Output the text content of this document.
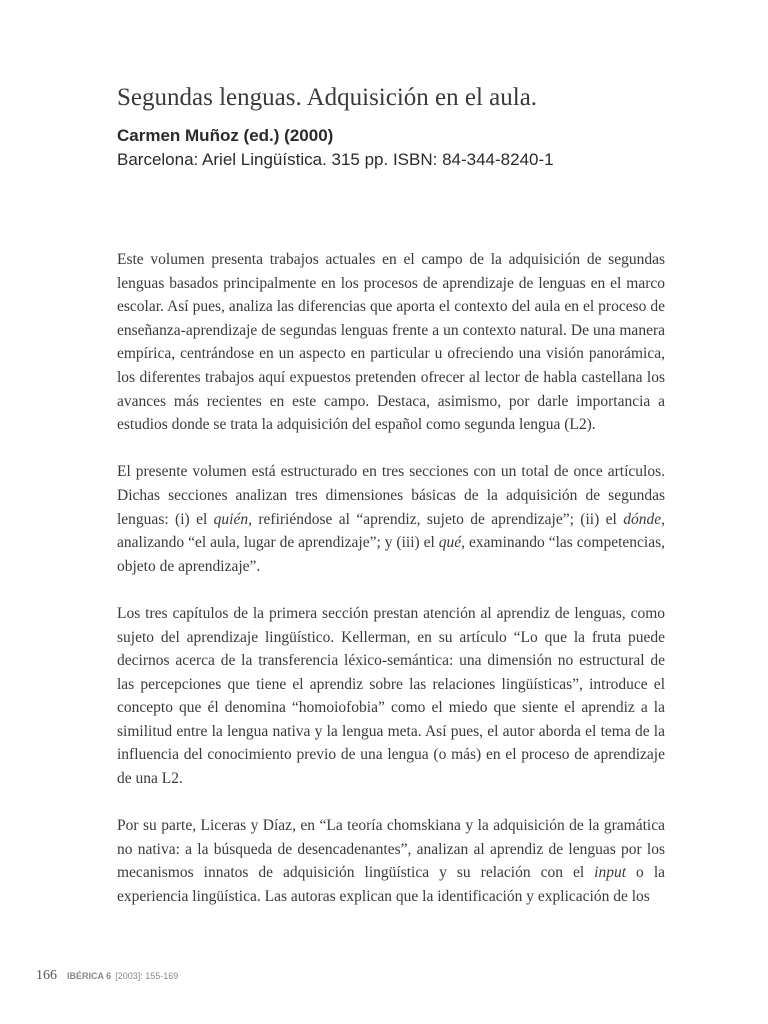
Segundas lenguas. Adquisición en el aula.
Carmen Muñoz (ed.) (2000)
Barcelona: Ariel Lingüística. 315 pp. ISBN: 84-344-8240-1

Este volumen presenta trabajos actuales en el campo de la adquisición de segundas lenguas basados principalmente en los procesos de aprendizaje de lenguas en el marco escolar. Así pues, analiza las diferencias que aporta el contexto del aula en el proceso de enseñanza-aprendizaje de segundas lenguas frente a un contexto natural. De una manera empírica, centrándose en un aspecto en particular u ofreciendo una visión panorámica, los diferentes trabajos aquí expuestos pretenden ofrecer al lector de habla castellana los avances más recientes en este campo. Destaca, asimismo, por darle importancia a estudios donde se trata la adquisición del español como segunda lengua (L2).

El presente volumen está estructurado en tres secciones con un total de once artículos. Dichas secciones analizan tres dimensiones básicas de la adquisición de segundas lenguas: (i) el quién, refiriéndose al “aprendiz, sujeto de aprendizaje”; (ii) el dónde, analizando “el aula, lugar de aprendizaje”; y (iii) el qué, examinando “las competencias, objeto de aprendizaje”.

Los tres capítulos de la primera sección prestan atención al aprendiz de lenguas, como sujeto del aprendizaje lingüístico. Kellerman, en su artículo “Lo que la fruta puede decirnos acerca de la transferencia léxico-semántica: una dimensión no estructural de las percepciones que tiene el aprendiz sobre las relaciones lingüísticas”, introduce el concepto que él denomina “homoiofobia” como el miedo que siente el aprendiz a la similitud entre la lengua nativa y la lengua meta. Así pues, el autor aborda el tema de la influencia del conocimiento previo de una lengua (o más) en el proceso de aprendizaje de una L2.

Por su parte, Liceras y Díaz, en “La teoría chomskiana y la adquisición de la gramática no nativa: a la búsqueda de desencadenantes”, analizan al aprendiz de lenguas por los mecanismos innatos de adquisición lingüística y su relación con el input o la experiencia lingüística. Las autoras explican que la identificación y explicación de los

166 IBÉRICA 6 [2003]: 155-169
